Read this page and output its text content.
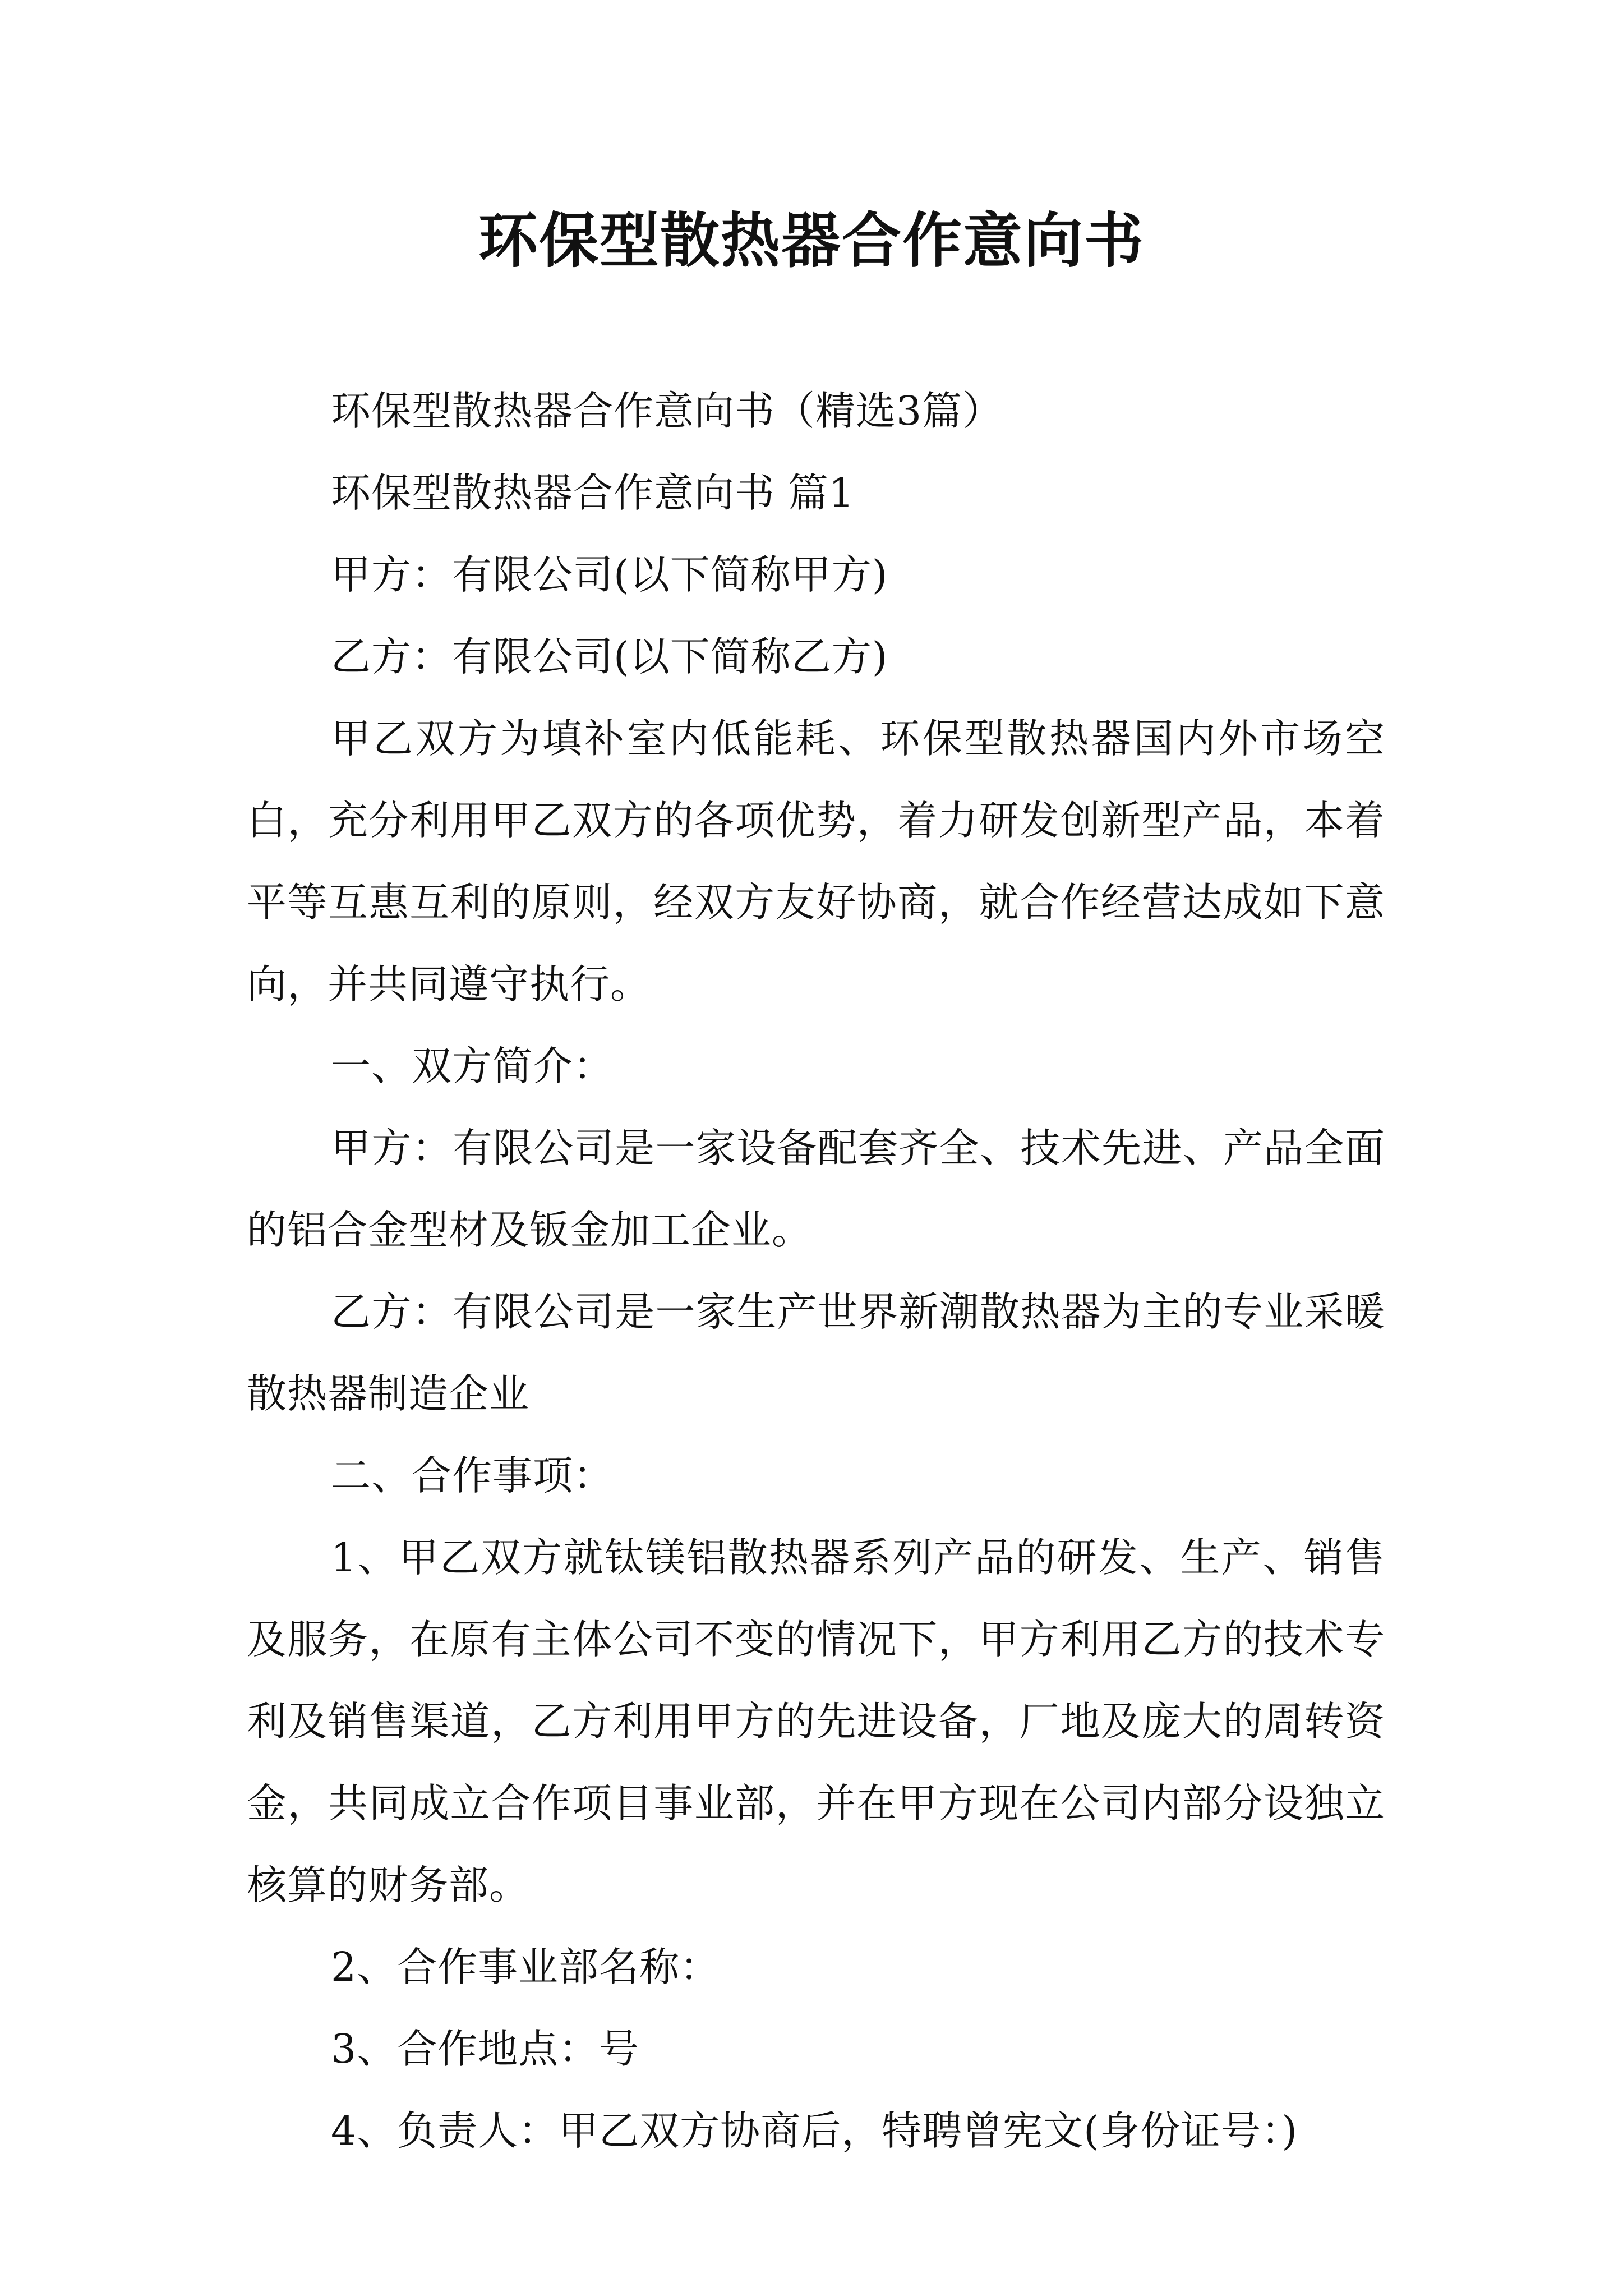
环保型散热器合作意向书

环保型散热器合作意向书（精选3篇）

环保型散热器合作意向书 篇1

甲方：有限公司(以下简称甲方)

乙方：有限公司(以下简称乙方)

甲乙双方为填补室内低能耗、环保型散热器国内外市场空白，充分利用甲乙双方的各项优势，着力研发创新型产品，本着平等互惠互利的原则，经双方友好协商，就合作经营达成如下意向，并共同遵守执行。

一、双方简介：

甲方：有限公司是一家设备配套齐全、技术先进、产品全面的铝合金型材及钣金加工企业。

乙方：有限公司是一家生产世界新潮散热器为主的专业采暖散热器制造企业

二、合作事项：

1、甲乙双方就钛镁铝散热器系列产品的研发、生产、销售及服务，在原有主体公司不变的情况下，甲方利用乙方的技术专利及销售渠道，乙方利用甲方的先进设备，厂地及庞大的周转资金，共同成立合作项目事业部，并在甲方现在公司内部分设独立核算的财务部。

2、合作事业部名称：

3、合作地点：号

4、负责人：甲乙双方协商后，特聘曾宪文(身份证号：)
